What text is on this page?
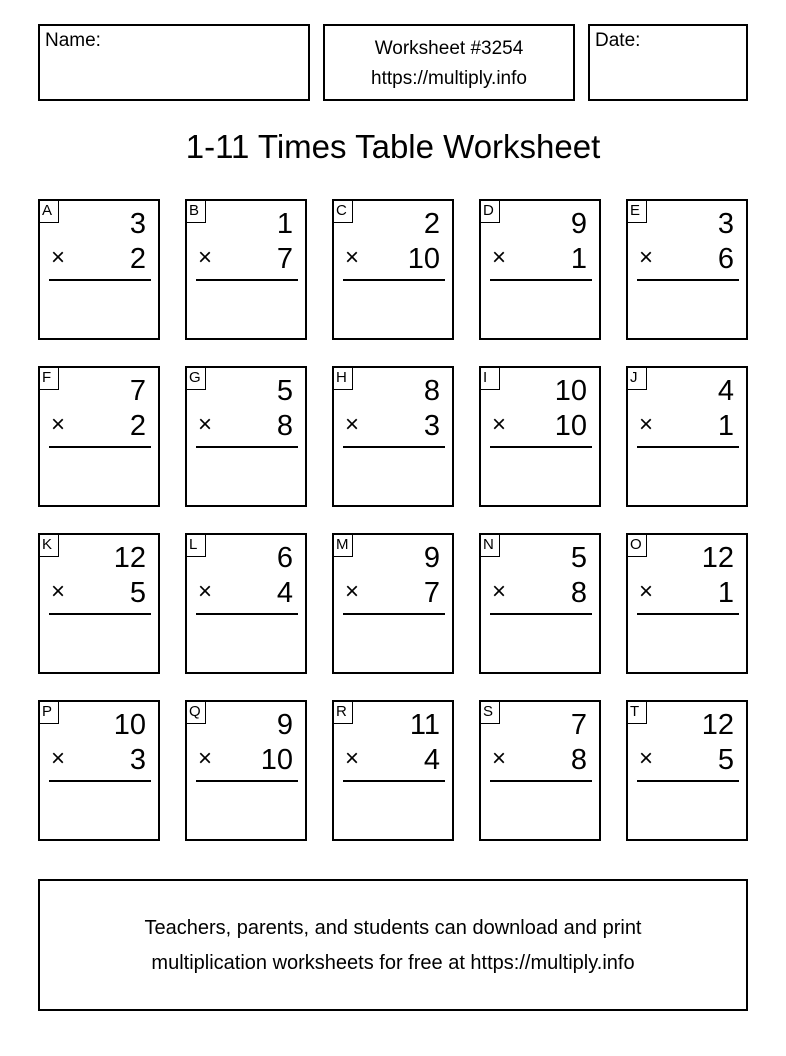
Name:	Worksheet #3254
https://multiply.info
Date:
1-11 Times Table Worksheet
A	3
× 2
B	1
× 7
C	2
× 10
D	9
× 1
E	3
× 6
F	7
× 2
G	5
× 8
H	8
× 3
I	10
× 10
J	4
× 1
K 12
× 5
L	6
× 4
M	9
× 7
N	5
× 8
O 12
× 1
P 10
× 3
Q	9
× 10
R 11
× 4
S	7
× 8
T 12
× 5
Teachers, parents, and students can download and print
multiplication worksheets for free at https://multiply.info
